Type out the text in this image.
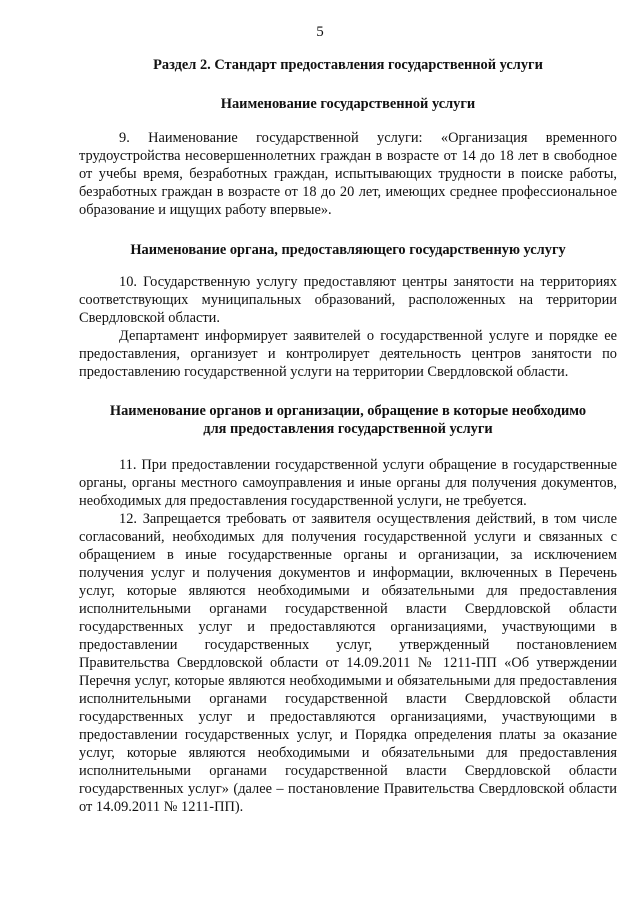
5

Раздел 2. Стандарт предоставления государственной услуги

Наименование государственной услуги

9. Наименование государственной услуги: «Организация временного трудоустройства несовершеннолетних граждан в возрасте от 14 до 18 лет в свободное от учебы время, безработных граждан, испытывающих трудности в поиске работы, безработных граждан в возрасте от 18 до 20 лет, имеющих среднее профессиональное образование и ищущих работу впервые».

Наименование органа, предоставляющего государственную услугу

10. Государственную услугу предоставляют центры занятости на территориях соответствующих муниципальных образований, расположенных на территории Свердловской области.

Департамент информирует заявителей о государственной услуге и порядке ее предоставления, организует и контролирует деятельность центров занятости по предоставлению государственной услуги на территории Свердловской области.

Наименование органов и организации, обращение в которые необходимо

для предоставления государственной услуги

11. При предоставлении государственной услуги обращение в государственные органы, органы местного самоуправления и иные органы для получения документов, необходимых для предоставления государственной услуги, не требуется.

12. Запрещается требовать от заявителя осуществления действий, в том числе согласований, необходимых для получения государственной услуги и связанных с обращением в иные государственные органы и организации, за исключением получения услуг и получения документов и информации, включенных в Перечень услуг, которые являются необходимыми и обязательными для предоставления исполнительными органами государственной власти Свердловской области государственных услуг и предоставляются организациями, участвующими в предоставлении государственных услуг, утвержденный постановлением Правительства Свердловской области от 14.09.2011 № 1211-ПП «Об утверждении Перечня услуг, которые являются необходимыми и обязательными для предоставления исполнительными органами государственной власти Свердловской области государственных услуг и предоставляются организациями, участвующими в предоставлении государственных услуг, и Порядка определения платы за оказание услуг, которые являются необходимыми и обязательными для предоставления исполнительными органами государственной власти Свердловской области государственных услуг» (далее – постановление Правительства Свердловской области от 14.09.2011 № 1211-ПП).
